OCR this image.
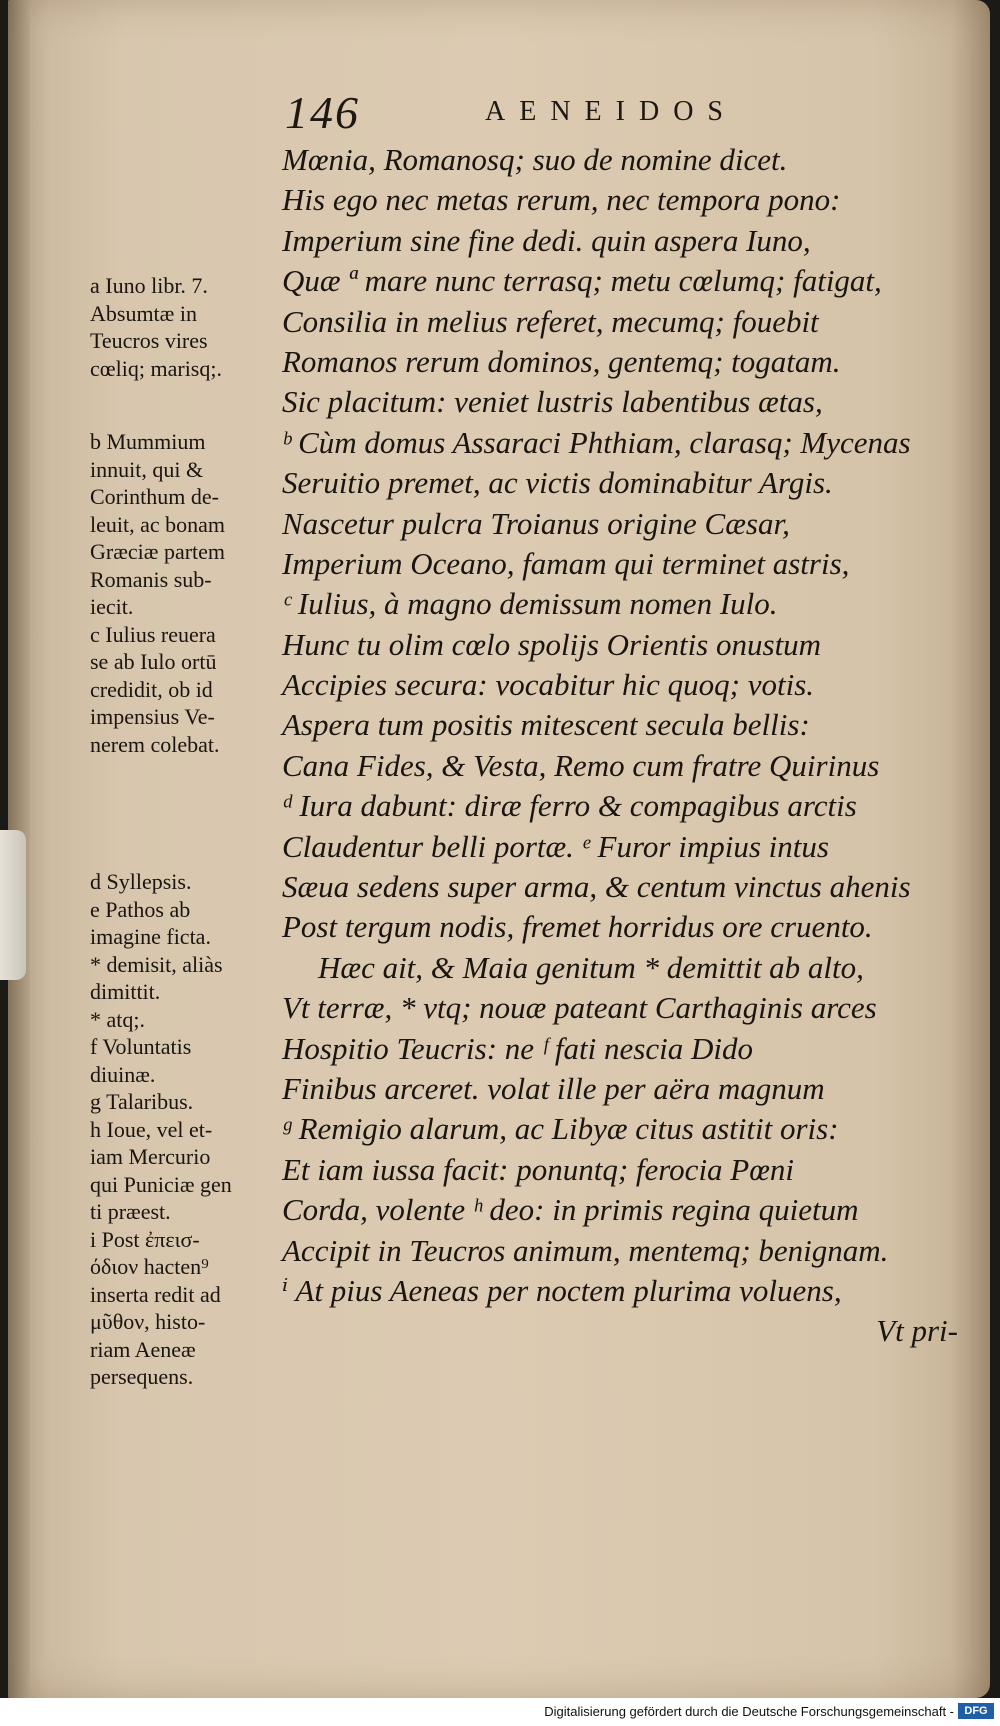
146	AENEIDOS
Mœnia, Romanosq; suo de nomine dicet.
His ego nec metas rerum, nec tempora pono:
Imperium sine fine dedi. quin aspera Iuno,
Quæ ª mare nunc terrasq; metu cœlumq; fatigat,
Consilia in melius referet, mecumq; fouebit
Romanos rerum dominos, gentemq; togatam.
Sic placitum: veniet lustris labentibus ætas,
ᵇ Cùm domus Assaraci Phthiam, clarasq; Mycenas
Seruitio premet, ac victis dominabitur Argis.
Nascetur pulcra Troianus origine Cæsar,
Imperium Oceano, famam qui terminet astris,
ᶜ Iulius, à magno demissum nomen Iulo.
Hunc tu olim cœlo spolijs Orientis onustum
Accipies secura: vocabitur hic quoq; votis.
Aspera tum positis mitescent secula bellis:
Cana Fides, & Vesta, Remo cum fratre Quirinus
ᵈ Iura dabunt: diræ ferro & compagibus arctis
Claudentur belli portæ. ᵉ Furor impius intus
Sæua sedens super arma, & centum vinctus ahenis
Post tergum nodis, fremet horridus ore cruento.
Hæc ait, & Maia genitum * demittit ab alto,
Vt terræ, * vtq; nouæ pateant Carthaginis arces
Hospitio Teucris: ne ᶠ fati nescia Dido
Finibus arceret. volat ille per aëra magnum
ᵍ Remigio alarum, ac Libyæ citus astitit oris:
Et iam iussa facit: ponuntq; ferocia Pœni
Corda, volente ʰ deo: in primis regina quietum
Accipit in Teucros animum, mentemq; benignam.
ⁱ At pius Aeneas per noctem plurima voluens,
Vt pri-
a Iuno libr. 7.
Absumtæ in
Teucros vires
cœliq; marisq;.
b Mummium
innuit, qui &
Corinthum de-
leuit, ac bonam
Græciæ partem
Romanis sub-
iecit.
c Iulius reuera
se ab Iulo ortū
credidit, ob id
impensius Ve-
nerem colebat.
d Syllepsis.
e Pathos ab
imagine ficta.
* demisit, aliàs
dimittit.
* atq;.
f Voluntatis
diuinæ.
g Talaribus.
h Ioue, vel et-
iam Mercurio
qui Puniciæ gen
ti præest.
i Post ἐπεισ-
όδιον hacten⁹
inserta redit ad
μῦθον, histo-
riam Aeneæ
persequens.
Digitalisierung gefördert durch die Deutsche Forschungsgemeinschaft - DFG
